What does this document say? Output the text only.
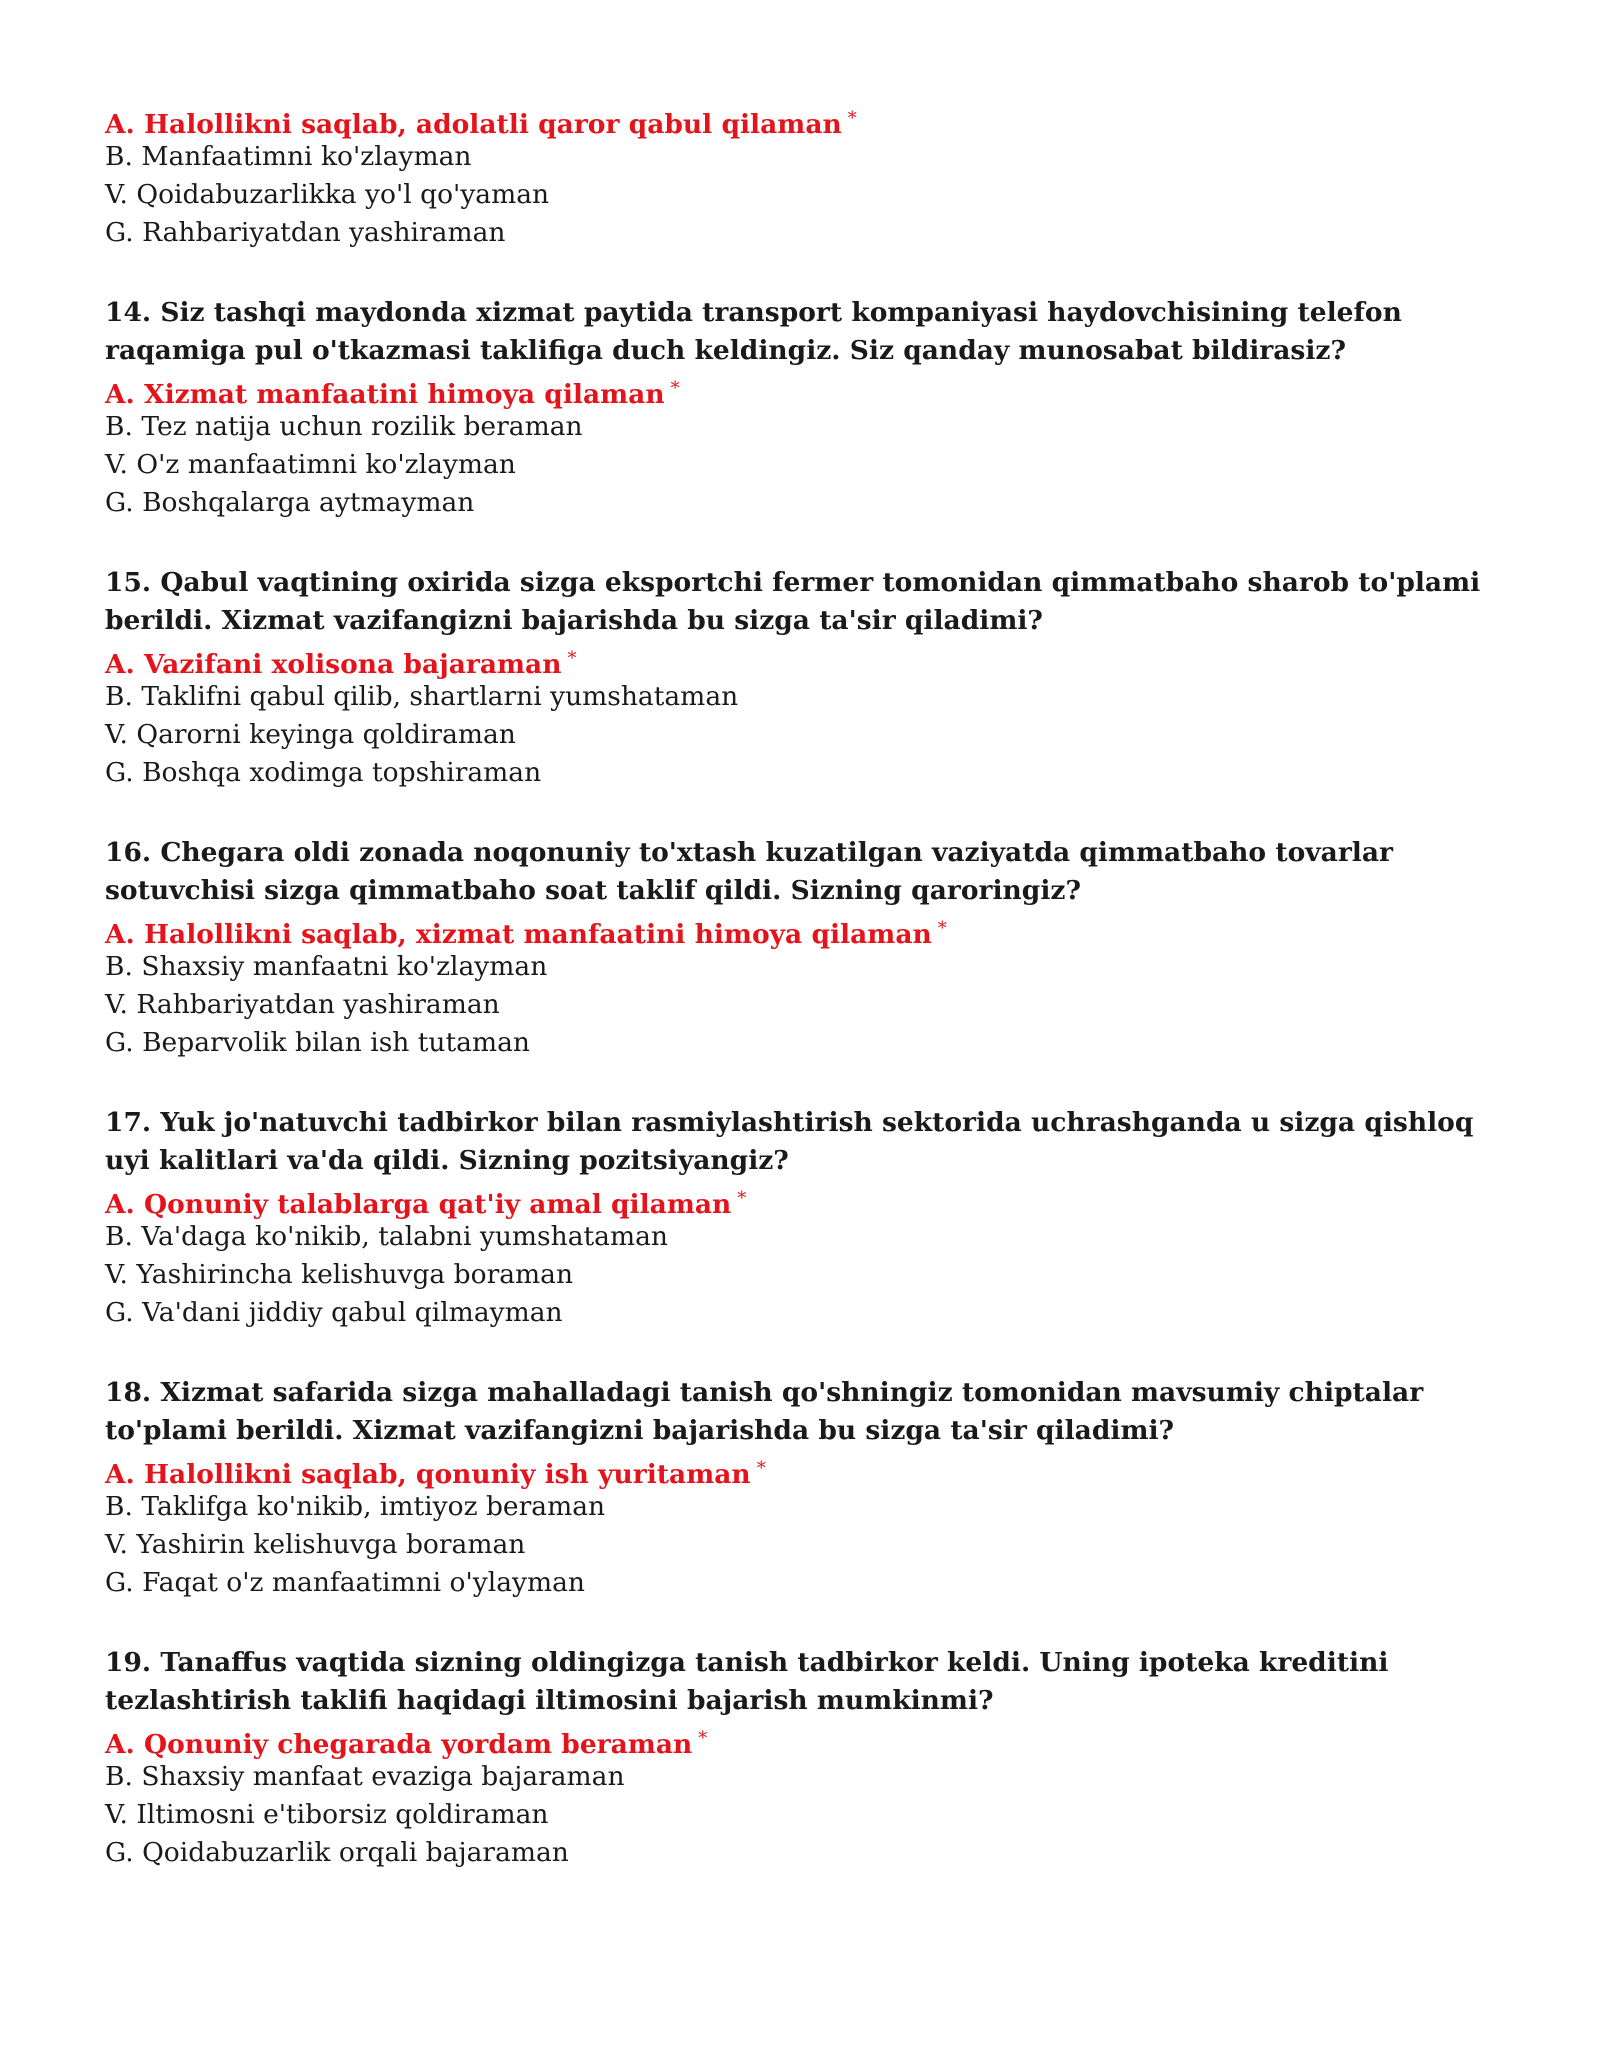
A. Halollikni saqlab, adolatli qaror qabul qilaman *
B. Manfaatimni ko'zlayman
V. Qoidabuzarlikka yo'l qo'yaman
G. Rahbariyatdan yashiraman

14. Siz tashqi maydonda xizmat paytida transport kompaniyasi haydovchisining telefon raqamiga pul o'tkazmasi taklifiga duch keldingiz. Siz qanday munosabat bildirasiz?

A. Xizmat manfaatini himoya qilaman *
B. Tez natija uchun rozilik beraman
V. O'z manfaatimni ko'zlayman
G. Boshqalarga aytmayman

15. Qabul vaqtining oxirida sizga eksportchi fermer tomonidan qimmatbaho sharob to'plami berildi. Xizmat vazifangizni bajarishda bu sizga ta'sir qiladimi?

A. Vazifani xolisona bajaraman *
B. Taklifni qabul qilib, shartlarni yumshataman
V. Qarorni keyinga qoldiraman
G. Boshqa xodimga topshiraman

16. Chegara oldi zonada noqonuniy to'xtash kuzatilgan vaziyatda qimmatbaho tovarlar sotuvchisi sizga qimmatbaho soat taklif qildi. Sizning qaroringiz?

A. Halollikni saqlab, xizmat manfaatini himoya qilaman *
B. Shaxsiy manfaatni ko'zlayman
V. Rahbariyatdan yashiraman
G. Beparvolik bilan ish tutaman

17. Yuk jo'natuvchi tadbirkor bilan rasmiylashtirish sektorida uchrashganda u sizga qishloq uyi kalitlari va'da qildi. Sizning pozitsiyangiz?

A. Qonuniy talablarga qat'iy amal qilaman *
B. Va'daga ko'nikib, talabni yumshataman
V. Yashirincha kelishuvga boraman
G. Va'dani jiddiy qabul qilmayman

18. Xizmat safarida sizga mahalladagi tanish qo'shningiz tomonidan mavsumiy chiptalar to'plami berildi. Xizmat vazifangizni bajarishda bu sizga ta'sir qiladimi?

A. Halollikni saqlab, qonuniy ish yuritaman *
B. Taklifga ko'nikib, imtiyoz beraman
V. Yashirin kelishuvga boraman
G. Faqat o'z manfaatimni o'ylayman

19. Tanaffus vaqtida sizning oldingizga tanish tadbirkor keldi. Uning ipoteka kreditini tezlashtirish taklifi haqidagi iltimosini bajarish mumkinmi?

A. Qonuniy chegarada yordam beraman *
B. Shaxsiy manfaat evaziga bajaraman
V. Iltimosni e'tiborsiz qoldiraman
G. Qoidabuzarlik orqali bajaraman
